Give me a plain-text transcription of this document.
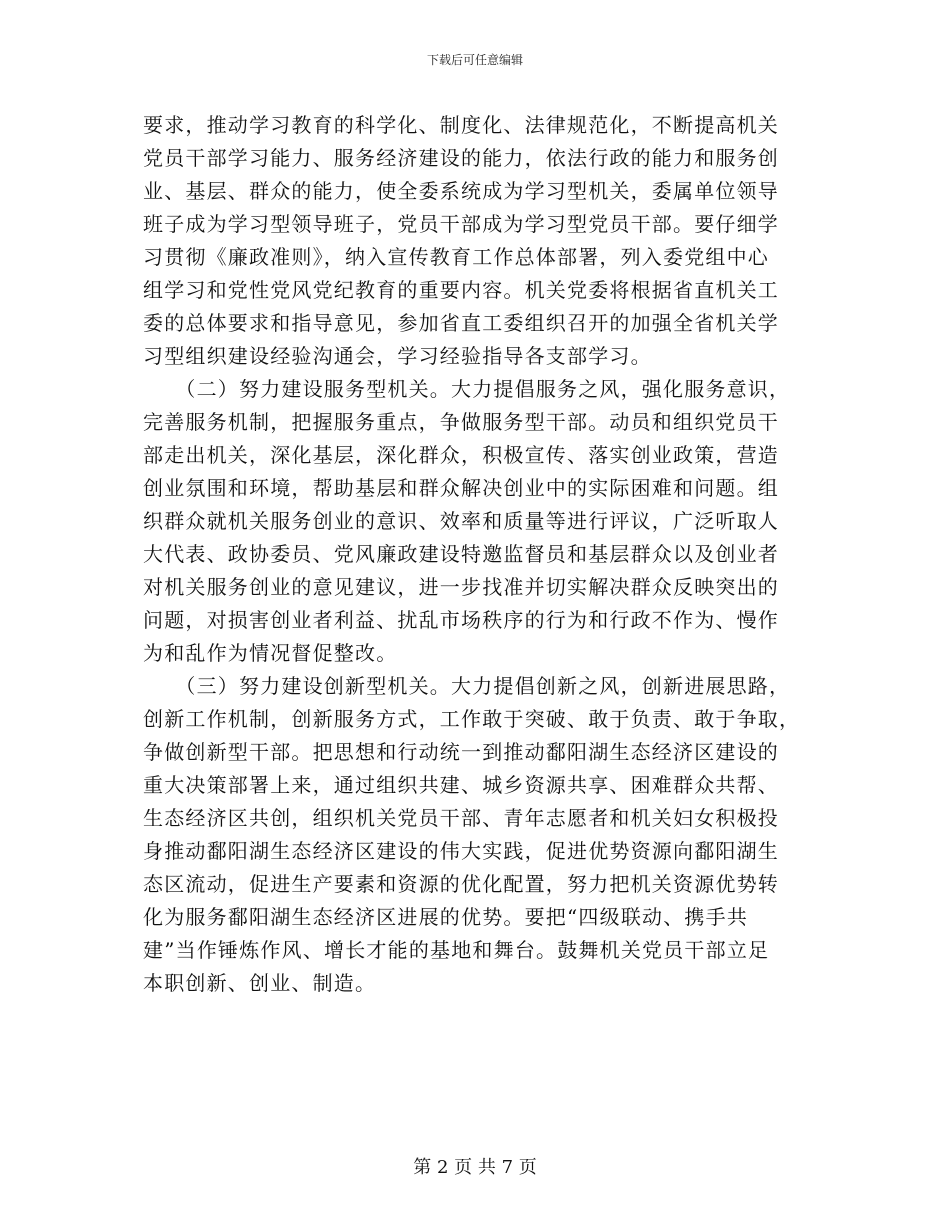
下载后可任意编辑
要求，推动学习教育的科学化、制度化、法律规范化，不断提高机关
党员干部学习能力、服务经济建设的能力，依法行政的能力和服务创
业、基层、群众的能力，使全委系统成为学习型机关，委属单位领导
班子成为学习型领导班子，党员干部成为学习型党员干部。要仔细学
习贯彻《廉政准则》，纳入宣传教育工作总体部署，列入委党组中心
组学习和党性党风党纪教育的重要内容。机关党委将根据省直机关工
委的总体要求和指导意见，参加省直工委组织召开的加强全省机关学
习型组织建设经验沟通会，学习经验指导各支部学习。
　　（二）努力建设服务型机关。大力提倡服务之风，强化服务意识，
完善服务机制，把握服务重点，争做服务型干部。动员和组织党员干
部走出机关，深化基层，深化群众，积极宣传、落实创业政策，营造
创业氛围和环境，帮助基层和群众解决创业中的实际困难和问题。组
织群众就机关服务创业的意识、效率和质量等进行评议，广泛听取人
大代表、政协委员、党风廉政建设特邀监督员和基层群众以及创业者
对机关服务创业的意见建议，进一步找准并切实解决群众反映突出的
问题，对损害创业者利益、扰乱市场秩序的行为和行政不作为、慢作
为和乱作为情况督促整改。
　　（三）努力建设创新型机关。大力提倡创新之风，创新进展思路，
创新工作机制，创新服务方式，工作敢于突破、敢于负责、敢于争取，
争做创新型干部。把思想和行动统一到推动鄱阳湖生态经济区建设的
重大决策部署上来，通过组织共建、城乡资源共享、困难群众共帮、
生态经济区共创，组织机关党员干部、青年志愿者和机关妇女积极投
身推动鄱阳湖生态经济区建设的伟大实践，促进优势资源向鄱阳湖生
态区流动，促进生产要素和资源的优化配置，努力把机关资源优势转
化为服务鄱阳湖生态经济区进展的优势。要把“四级联动、携手共
建”当作锤炼作风、增长才能的基地和舞台。鼓舞机关党员干部立足
本职创新、创业、制造。
第 2 页 共 7 页
